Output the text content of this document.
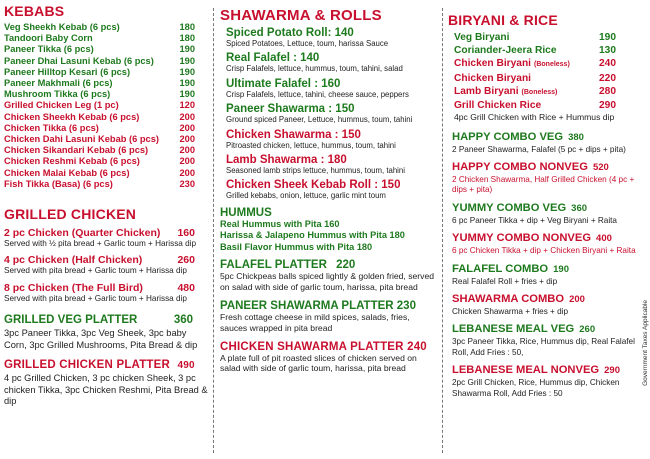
KEBABS
Veg Sheekh Kebab (6 pcs)	180
Tandoori Baby Corn	180
Paneer Tikka (6 pcs)	190
Paneer Dhai Lasuni Kebab (6 pcs)	190
Paneer Hilltop Kesari (6 pcs)	190
Paneer Makhmali (6 pcs)	190
Mushroom Tikka (6 pcs)	190
Grilled Chicken Leg (1 pc)	120
Chicken Sheekh Kebab (6 pcs)	200
Chicken Tikka (6 pcs)	200
Chicken Dahi Lasuni Kebab (6 pcs) 200
Chicken Sikandari Kebab (6 pcs)	200
Chicken Reshmi Kebab (6 pcs)	200
Chicken Malai Kebab (6 pcs)	200
Fish Tikka (Basa) (6 pcs)	230
GRILLED CHICKEN
2 pc Chicken (Quarter Chicken) 160
Served with ½ pita bread + Garlic toum + Harissa dip
4 pc Chicken (Half Chicken)	260
Served with pita bread + Garlic toum + Harissa dip
8 pc Chicken (The Full Bird)	480
Served with pita bread + Garlic toum + Harissa dip
GRILLED VEG PLATTER	360
3pc Paneer Tikka, 3pc Veg Sheek, 3pc baby Corn, 3pc Grilled Mushrooms, Pita Bread & dip
GRILLED CHICKEN PLATTER 490
4 pc Grilled Chicken, 3 pc chicken Sheek, 3 pc chicken Tikka, 3pc Chicken Reshmi, Pita Bread & dip
SHAWARMA & ROLLS
Spiced Potato Roll: 140
Spiced Potatoes, Lettuce, toum, harissa Sauce
Real Falafel : 140
Crisp Falafels, lettuce, hummus, toum, tahini, salad
Ultimate Falafel : 160
Crisp Falafels, lettuce, tahini, cheese sauce, peppers
Paneer Shawarma : 150
Ground spiced Paneer, Lettuce, hummus, toum, tahini
Chicken Shawarma : 150
Pitroasted chicken, lettuce, hummus, toum, tahini
Lamb Shawarma : 180
Seasoned lamb strips lettuce, hummus, toum, tahini
Chicken Sheek Kebab Roll : 150
Grilled kebabs, onion, lettuce, garlic mint toum
HUMMUS
Real Hummus with Pita 160
Harissa & Jalapeno Hummus with Pita 180
Basil Flavor Hummus with Pita 180
FALAFEL PLATTER 220
5pc Chickpeas balls spiced lightly & golden fried, served on salad with side of garlic toum, harissa, pita bread
PANEER SHAWARMA PLATTER 230
Fresh cottage cheese in mild spices, salads, fries, sauces wrapped in pita bread
CHICKEN SHAWARMA PLATTER 240
A plate full of pit roasted slices of chicken served on salad with side of garlic toum, harissa, pita bread
BIRYANI & RICE
Veg Biryani	190
Coriander-Jeera Rice	130
Chicken Biryani (Boneless)	240
Chicken Biryani	220
Lamb Biryani (Boneless)	280
Grill Chicken Rice	290
4pc Grill Chicken with Rice + Hummus dip
HAPPY COMBO VEG 380
2 Paneer Shawarma, Falafel (5 pc + dips + pita)
HAPPY COMBO NONVEG 520
2 Chicken Shawarma, Half Grilled Chicken (4 pc + dips + pita)
YUMMY COMBO VEG 360
6 pc Paneer Tikka + dip + Veg Biryani + Raita
YUMMY COMBO NONVEG 400
6 pc Chicken Tikka + dip + Chicken Biryani + Raita
FALAFEL COMBO 190
Real Falafel Roll + fries + dip
SHAWARMA COMBO 200
Chicken Shawarma + fries + dip
LEBANESE MEAL VEG 260
3pc Paneer Tikka, Rice, Hummus dip, Real Falafel Roll, Add Fries : 50,
LEBANESE MEAL NONVEG 290
2pc Grill Chicken, Rice, Hummus dip, Chicken Shawarma Roll, Add Fries : 50
Government Taxes Applicable
